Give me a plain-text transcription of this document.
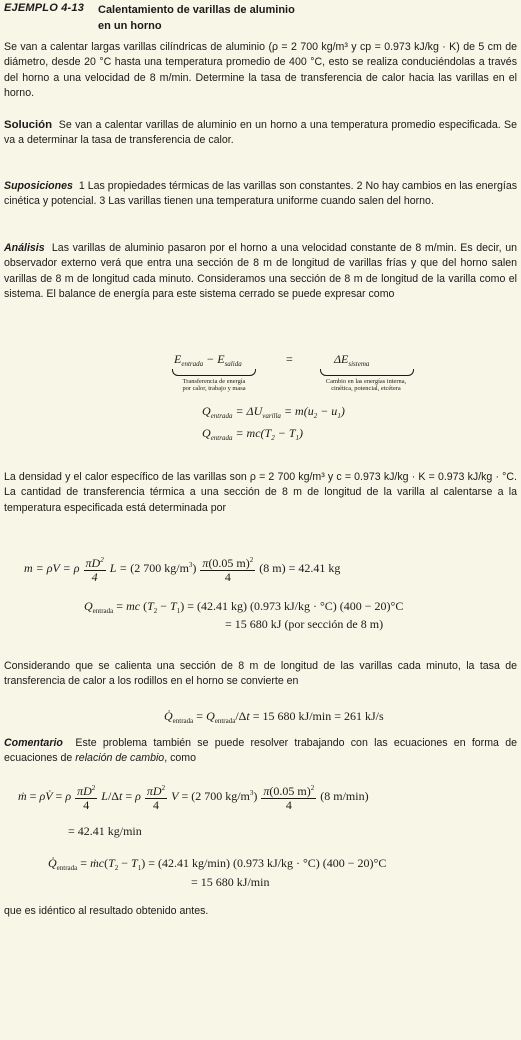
EJEMPLO 4-13 Calentamiento de varillas de aluminio
en un horno

Se van a calentar largas varillas cilíndricas de aluminio (ρ = 2 700 kg/m³ y cp = 0.973 kJ/kg · K) de 5 cm de diámetro, desde 20 °C hasta una temperatura promedio de 400 °C, esto se realiza conduciéndolas a través del horno a una velocidad de 8 m/min. Determine la tasa de transferencia de calor hacia las varillas en el horno.

Solución Se van a calentar varillas de aluminio en un horno a una temperatura promedio especificada. Se va a determinar la tasa de transferencia de calor.

Suposiciones 1 Las propiedades térmicas de las varillas son constantes. 2 No hay cambios en las energías cinética y potencial. 3 Las varillas tienen una temperatura uniforme cuando salen del horno.

Análisis Las varillas de aluminio pasaron por el horno a una velocidad constante de 8 m/min. Es decir, un observador externo verá que entra una sección de 8 m de longitud de varillas frías y que del horno salen varillas de 8 m de longitud cada minuto. Consideramos una sección de 8 m de longitud de la varilla como el sistema. El balance de energía para este sistema cerrado se puede expresar como

$E_{entrada} - E_{salida}$
Transferencia de energía
por calor, trabajo y masa
=	$\Delta E_{sistema}$
Cambio en las energías interna,
cinética, potencial, etcétera
$Q_{entrada} = \Delta U_{varilla} = m(u_2 - u_1)$
$Q_{entrada} = mc(T_2 - T_1)$

La densidad y el calor específico de las varillas son ρ = 2 700 kg/m³ y c = 0.973 kJ/kg · K = 0.973 kJ/kg · °C. La cantidad de transferencia térmica a una sección de 8 m de longitud de la varilla al calentarse a la temperatura especificada está determinada por

m = ρV = ρ $\frac{\pi D^2}{4}$ L = (2 700 $kg/m^3) \frac{\pi(0.05 m)^2}{4} (8$ m) = 42.41 kg
$Q_{entrada}$ = mc $(T_2 - T_1) = (42.41$ kg) (0.973 kJ/kg · °C) (400 − 20)°C
= 15 680 kJ (por sección de 8 m)

Considerando que se calienta una sección de 8 m de longitud de las varillas cada minuto, la tasa de transferencia de calor a los rodillos en el horno se convierte en

$Q̇_{entrada} = Q_{entrada}/\Delta t = 15$ 680 kJ/min = 261 kJ/s

Comentario Este problema también se puede resolver trabajando con las ecuaciones en forma de ecuaciones de relación de cambio, como

ṁ = ρV̇ = ρ $\frac{\pi D^2}{4} L/\Delta t = \rho \frac{\pi D^2}{4}$ V = (2 700 $kg/m^3) \frac{\pi(0.05 m)^2}{4} (8$ m/min)
= 42.41 kg/min
$Q̇_{entrada}$ = $ṁc(T_2 - T_1) = (42.41$ kg/min) (0.973 kJ/kg · °C) (400 − 20)°C
= 15 680 kJ/min

que es idéntico al resultado obtenido antes.
